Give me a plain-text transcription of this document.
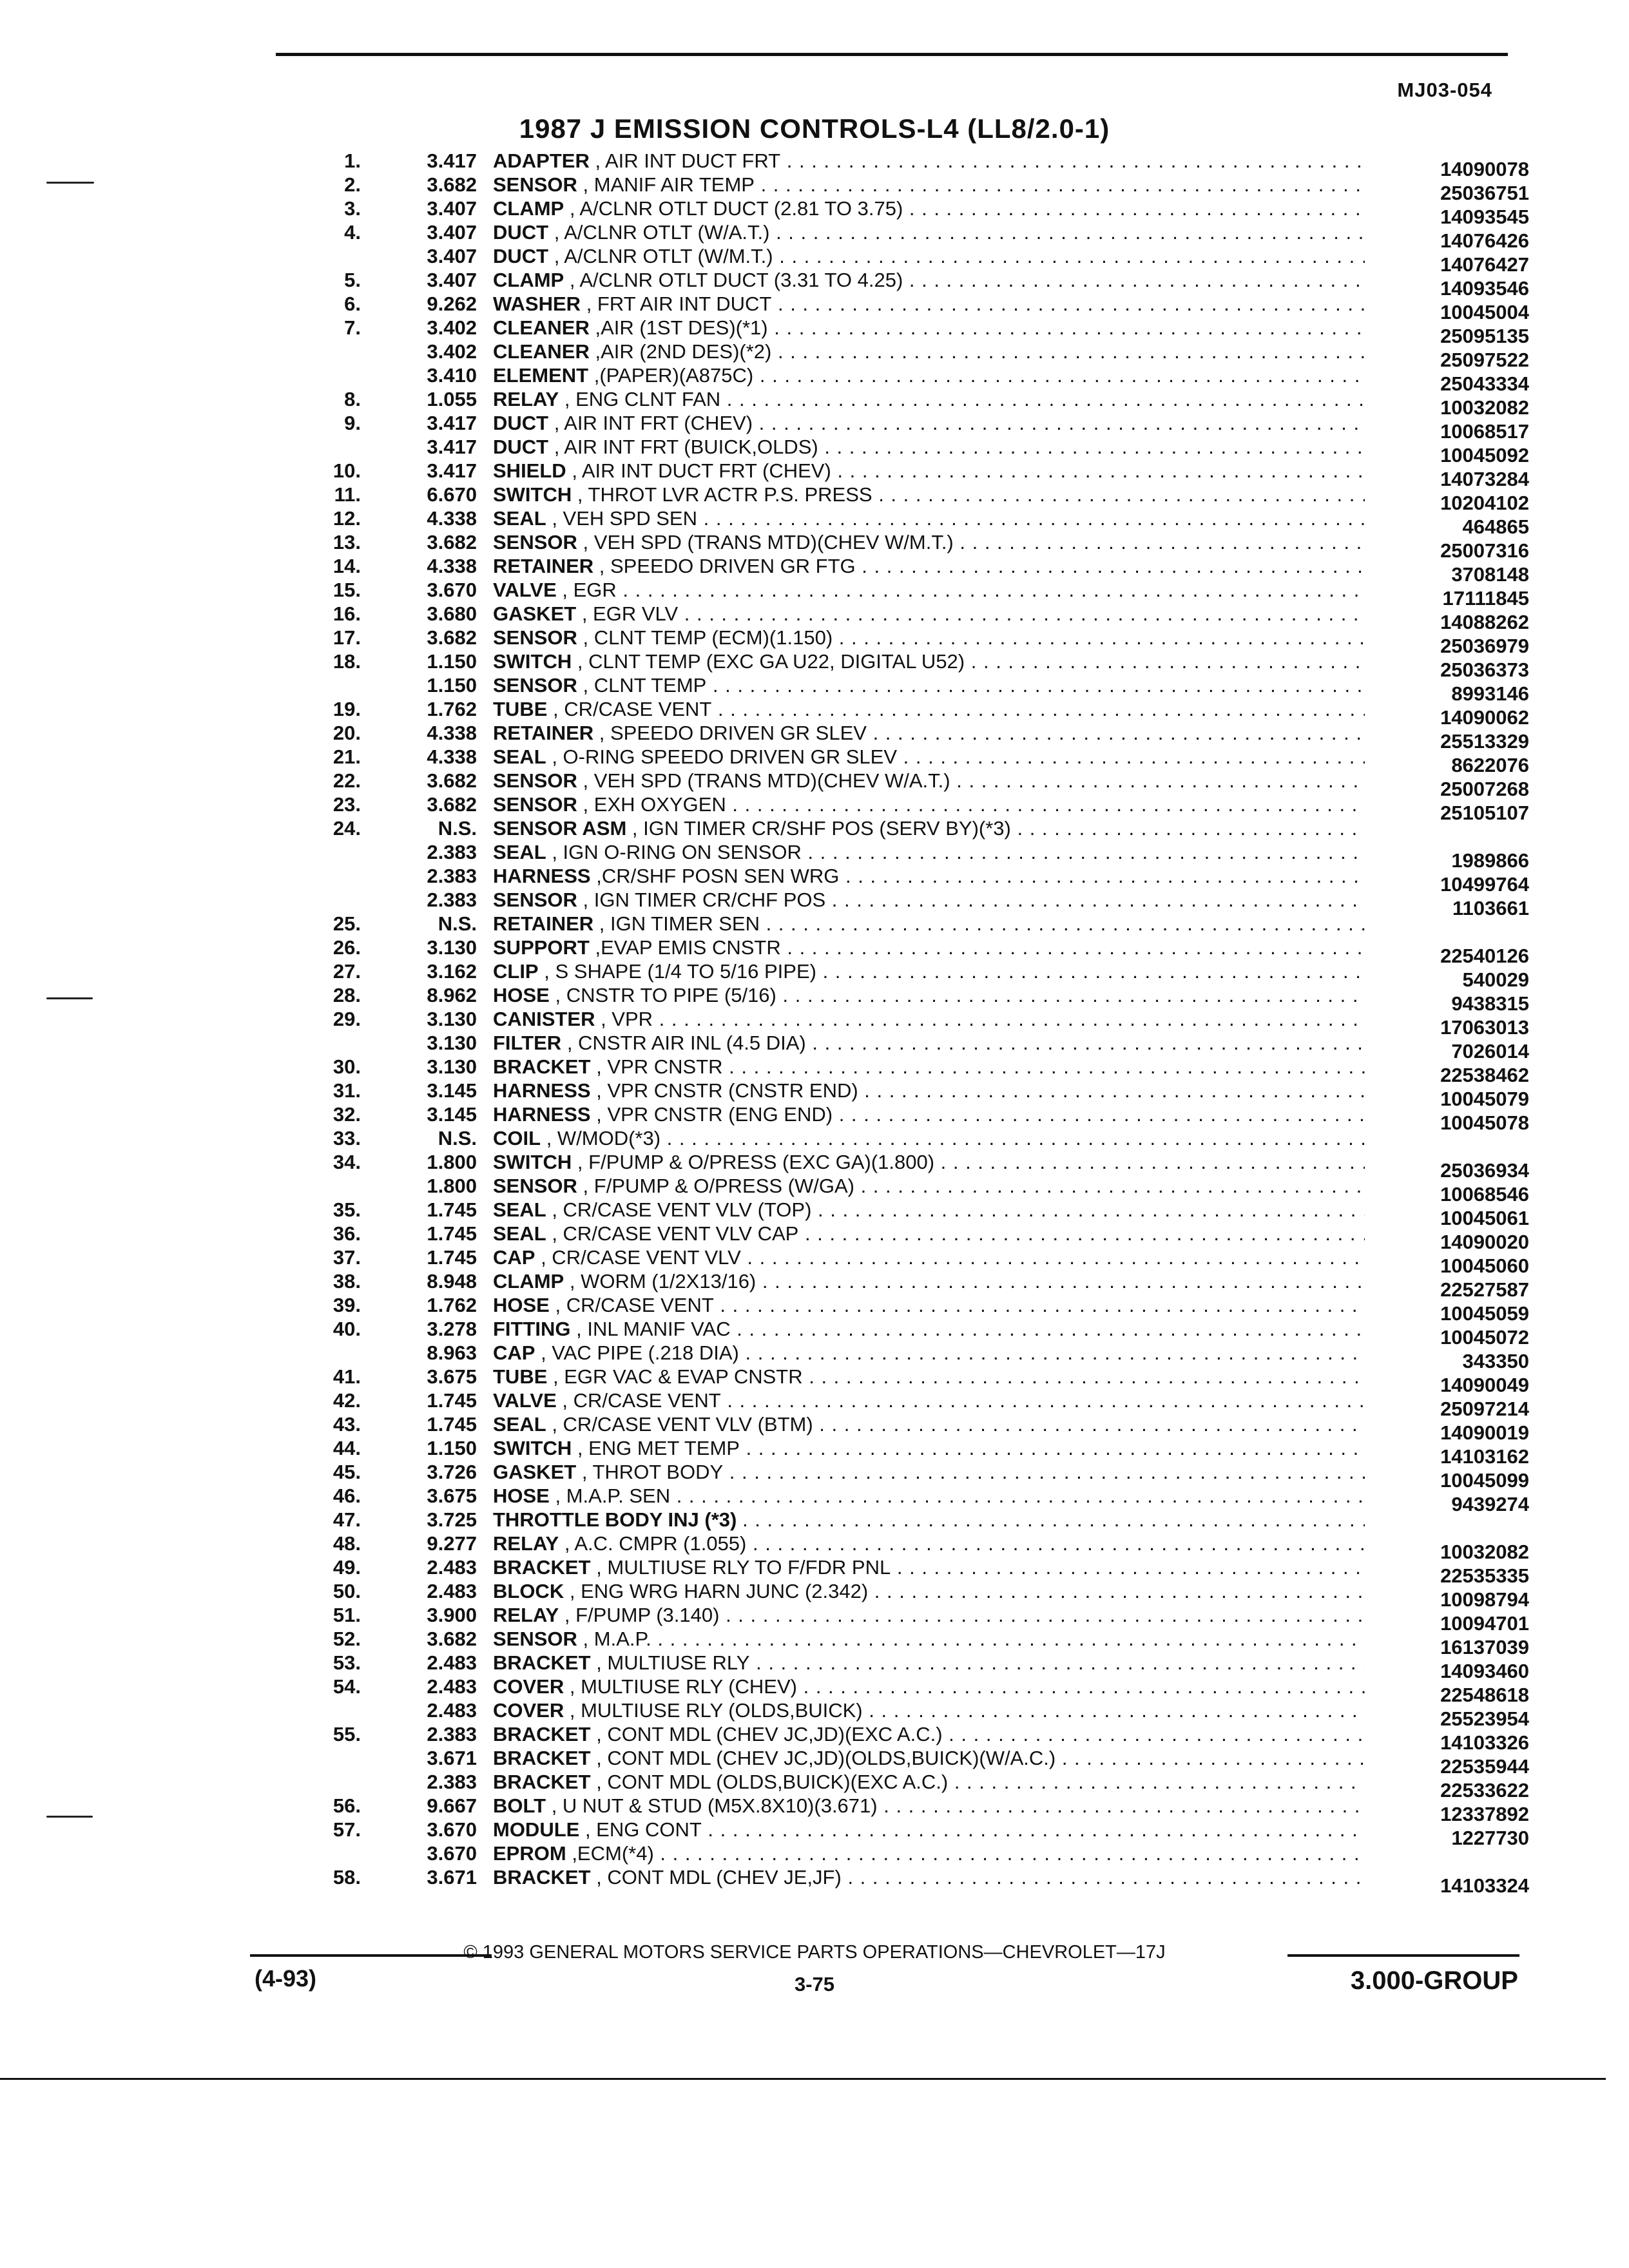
MJ03-054
1987 J EMISSION CONTROLS-L4 (LL8/2.0-1)
1.	3.417 ADAPTER , AIR INT DUCT FRT . . .	14090078
2.	3.682 SENSOR , MANIF AIR TEMP . . .	25036751
3.	3.407 CLAMP , A/CLNR OTLT DUCT (2.81 TO 3.75) . . .	14093545
4.	3.407 DUCT , A/CLNR OTLT (W/A.T.) . . .	14076426
3.407 DUCT , A/CLNR OTLT (W/M.T.) . . .	14076427
5.	3.407 CLAMP , A/CLNR OTLT DUCT (3.31 TO 4.25) . . .	14093546
6.	9.262 WASHER , FRT AIR INT DUCT . . .	10045004
7.	3.402 CLEANER ,AIR (1ST DES)(*1) . . .	25095135
3.402 CLEANER ,AIR (2ND DES)(*2) . . .	25097522
3.410 ELEMENT ,(PAPER)(A875C) . . .	25043334
8.	1.055 RELAY , ENG CLNT FAN . . .	10032082
9.	3.417 DUCT , AIR INT FRT (CHEV) . . .	10068517
3.417 DUCT , AIR INT FRT (BUICK,OLDS) . . .	10045092
10.	3.417 SHIELD , AIR INT DUCT FRT (CHEV) . . .	14073284
11.	6.670 SWITCH , THROT LVR ACTR P.S. PRESS . . .	10204102
12.	4.338 SEAL , VEH SPD SEN . . .	464865
13.	3.682 SENSOR , VEH SPD (TRANS MTD)(CHEV W/M.T.) . . .	25007316
14.	4.338 RETAINER , SPEEDO DRIVEN GR FTG . . .	3708148
15.	3.670 VALVE , EGR . . .	17111845
16.	3.680 GASKET , EGR VLV . . .	14088262
17.	3.682 SENSOR , CLNT TEMP (ECM)(1.150) . . .	25036979
18.	1.150 SWITCH , CLNT TEMP (EXC GA U22, DIGITAL U52) . . .	25036373
1.150 SENSOR , CLNT TEMP . . .	8993146
19.	1.762 TUBE , CR/CASE VENT . . .	14090062
20.	4.338 RETAINER , SPEEDO DRIVEN GR SLEV . . .	25513329
21.	4.338 SEAL , O-RING SPEEDO DRIVEN GR SLEV . . .	8622076
22.	3.682 SENSOR , VEH SPD (TRANS MTD)(CHEV W/A.T.) . . .	25007268
23.	3.682 SENSOR , EXH OXYGEN . . .	25105107
24.	N.S. SENSOR ASM , IGN TIMER CR/SHF POS (SERV BY)(*3) . . .
2.383 SEAL , IGN O-RING ON SENSOR . . .	1989866
2.383 HARNESS ,CR/SHF POSN SEN WRG . . .	10499764
2.383 SENSOR , IGN TIMER CR/CHF POS . . .	1103661
25.	N.S. RETAINER , IGN TIMER SEN . . .
26.	3.130 SUPPORT ,EVAP EMIS CNSTR . . .	22540126
27.	3.162 CLIP , S SHAPE (1/4 TO 5/16 PIPE) . . .	540029
28.	8.962 HOSE , CNSTR TO PIPE (5/16) . . .	9438315
29.	3.130 CANISTER , VPR . . .	17063013
3.130 FILTER , CNSTR AIR INL (4.5 DIA) . . .	7026014
30.	3.130 BRACKET , VPR CNSTR . . .	22538462
31.	3.145 HARNESS , VPR CNSTR (CNSTR END) . . .	10045079
32.	3.145 HARNESS , VPR CNSTR (ENG END) . . .	10045078
33.	N.S. COIL , W/MOD(*3) . . .
34.	1.800 SWITCH , F/PUMP & O/PRESS (EXC GA)(1.800) . . .	25036934
1.800 SENSOR , F/PUMP & O/PRESS (W/GA) . . .	10068546
35.	1.745 SEAL , CR/CASE VENT VLV (TOP) . . .	10045061
36.	1.745 SEAL , CR/CASE VENT VLV CAP . . .	14090020
37.	1.745 CAP , CR/CASE VENT VLV . . .	10045060
38.	8.948 CLAMP , WORM (1/2X13/16) . . .	22527587
39.	1.762 HOSE , CR/CASE VENT . . .	10045059
40.	3.278 FITTING , INL MANIF VAC . . .	10045072
8.963 CAP , VAC PIPE (.218 DIA) . . .	343350
41.	3.675 TUBE , EGR VAC & EVAP CNSTR . . .	14090049
42.	1.745 VALVE , CR/CASE VENT . . .	25097214
43.	1.745 SEAL , CR/CASE VENT VLV (BTM) . . .	14090019
44.	1.150 SWITCH , ENG MET TEMP . . .	14103162
45.	3.726 GASKET , THROT BODY . . .	10045099
46.	3.675 HOSE , M.A.P. SEN . . .	9439274
47.	3.725 THROTTLE BODY INJ (*3) . . .
48.	9.277 RELAY , A.C. CMPR (1.055) . . .	10032082
49.	2.483 BRACKET , MULTIUSE RLY TO F/FDR PNL . . .	22535335
50.	2.483 BLOCK , ENG WRG HARN JUNC (2.342) . . .	10098794
51.	3.900 RELAY , F/PUMP (3.140) . . .	10094701
52.	3.682 SENSOR , M.A.P. . . .	16137039
53.	2.483 BRACKET , MULTIUSE RLY . . .	14093460
54.	2.483 COVER , MULTIUSE RLY (CHEV) . . .	22548618
2.483 COVER , MULTIUSE RLY (OLDS,BUICK) . . .	25523954
55.	2.383 BRACKET , CONT MDL (CHEV JC,JD)(EXC A.C.) . . .	14103326
3.671 BRACKET , CONT MDL (CHEV JC,JD)(OLDS,BUICK)(W/A.C.) . . .	22535944
2.383 BRACKET , CONT MDL (OLDS,BUICK)(EXC A.C.) . . .	22533622
56.	9.667 BOLT , U NUT & STUD (M5X.8X10)(3.671) . . .	12337892
57.	3.670 MODULE , ENG CONT . . .	1227730
3.670 EPROM ,ECM(*4) . . .
58.	3.671 BRACKET , CONT MDL (CHEV JE,JF) . . .	14103324
© 1993 GENERAL MOTORS SERVICE PARTS OPERATIONS—CHEVROLET—17J
(4-93)	3-75	3.000-GROUP
